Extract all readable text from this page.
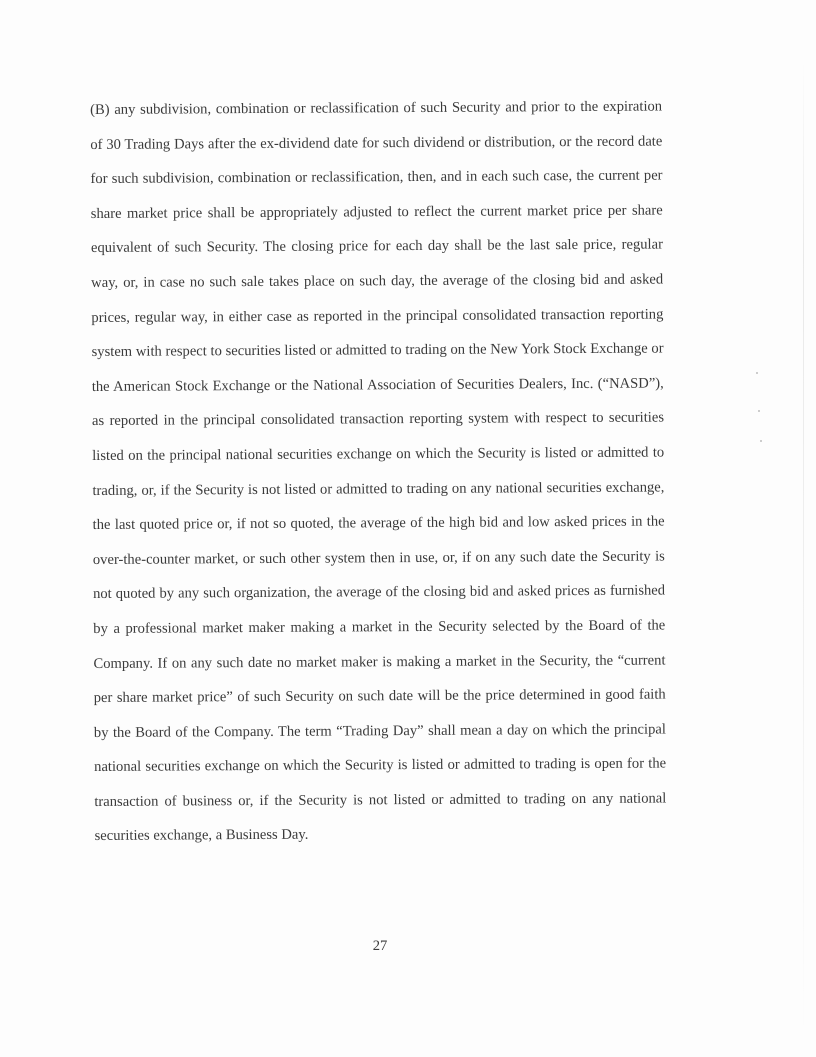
(B) any subdivision, combination or reclassification of such Security and prior to the expiration of 30 Trading Days after the ex-dividend date for such dividend or distribution, or the record date for such subdivision, combination or reclassification, then, and in each such case, the current per share market price shall be appropriately adjusted to reflect the current market price per share equivalent of such Security. The closing price for each day shall be the last sale price, regular way, or, in case no such sale takes place on such day, the average of the closing bid and asked prices, regular way, in either case as reported in the principal consolidated transaction reporting system with respect to securities listed or admitted to trading on the New York Stock Exchange or the American Stock Exchange or the National Association of Securities Dealers, Inc. (“NASD”), as reported in the principal consolidated transaction reporting system with respect to securities listed on the principal national securities exchange on which the Security is listed or admitted to trading, or, if the Security is not listed or admitted to trading on any national securities exchange, the last quoted price or, if not so quoted, the average of the high bid and low asked prices in the over-the-counter market, or such other system then in use, or, if on any such date the Security is not quoted by any such organization, the average of the closing bid and asked prices as furnished by a professional market maker making a market in the Security selected by the Board of the Company. If on any such date no market maker is making a market in the Security, the “current per share market price” of such Security on such date will be the price determined in good faith by the Board of the Company. The term “Trading Day” shall mean a day on which the principal national securities exchange on which the Security is listed or admitted to trading is open for the transaction of business or, if the Security is not listed or admitted to trading on any national securities exchange, a Business Day.

27
